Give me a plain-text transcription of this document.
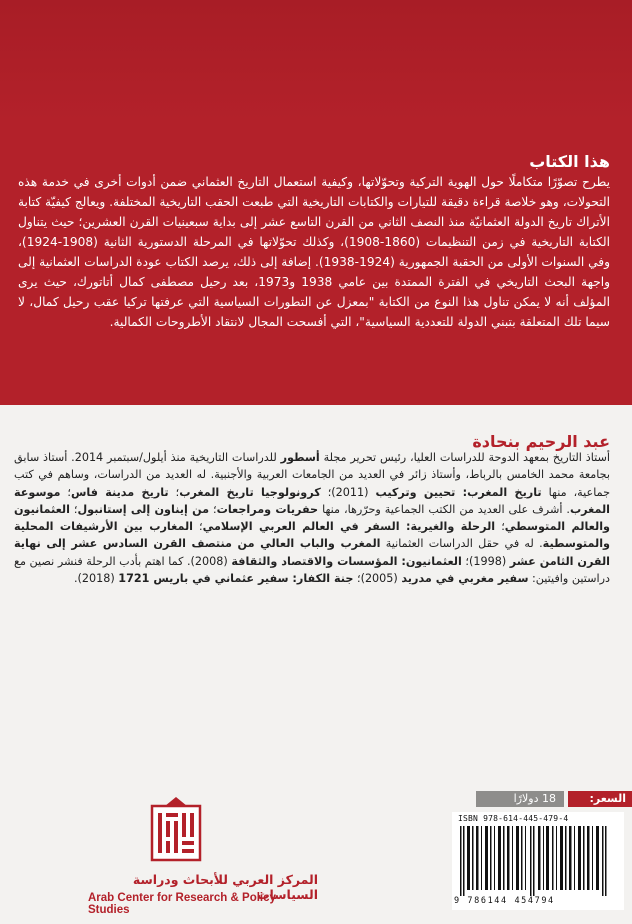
هذا الكتاب
يطرح تصوّرًا متكاملًا حول الهوية التركية وتحوّلاتها، وكيفية استعمال التاريخ العثماني ضمن أدوات أخرى في خدمة هذه التحولات، وهو خلاصة قراءة دقيقة للتيارات والكتابات التاريخية التي طبعت الحقب التاريخية المختلفة. ويعالج كيفيّة كتابة الأتراك تاريخ الدولة العثمانيّة منذ النصف الثاني من القرن التاسع عشر إلى بداية سبعينيات القرن العشرين؛ حيث يتناول الكتابة التاريخية في زمن التنظيمات (1860-1908)، وكذلك تحوّلاتها في المرحلة الدستورية الثانية (1908-1924)، وفي السنوات الأولى من الحقبة الجمهورية (1924-1938). إضافة إلى ذلك، يرصد الكتاب عودة الدراسات العثمانية إلى واجهة البحث التاريخي في الفترة الممتدة بين عامي 1938 و1973، بعد رحيل مصطفى كمال أتاتورك، حيث يرى المؤلف أنه لا يمكن تناول هذا النوع من الكتابة "بمعزل عن التطورات السياسية التي عرفتها تركيا عقب رحيل كمال، لا سيما تلك المتعلقة بتبني الدولة للتعددية السياسية"، التي أفسحت المجال لانتقاد الأطروحات الكمالية.
عبد الرحيم بنحادة
أستاذ التاريخ بمعهد الدوحة للدراسات العليا، رئيس تحرير مجلة أسطور للدراسات التاريخية منذ أيلول/سبتمبر 2014. أستاذ سابق بجامعة محمد الخامس بالرباط، وأستاذ زائر في العديد من الجامعات العربية والأجنبية. له العديد من الدراسات، وساهم في كتب جماعية، منها تاريخ المغرب: تحيين وتركيب (2011)؛ كرونولوجيا تاريخ المغرب؛ تاريخ مدينة فاس؛ موسوعة المغرب. أشرف على العديد من الكتب الجماعية وحرّرها، منها حفريات ومراجعات؛ من إيناون إلى إستانبول؛ العثمانيون والعالم المتوسطي؛ الرحلة والغيرية: السفر في العالم العربي الإسلامي؛ المغارب بين الأرشيفات المحلية والمتوسطية. له في حقل الدراسات العثمانية المغرب والباب العالي من منتصف القرن السادس عشر إلى نهاية القرن الثامن عشر (1998)؛ العثمانيون: المؤسسات والاقتصاد والثقافة (2008). كما اهتم بأدب الرحلة فنشر نصين مع دراستين وافيتين: سفير مغربي في مدريد (2005)؛ جنة الكفار: سفير عثماني في باريس 1721 (2018).
السعر:
18 دولارًا
ISBN 978-614-445-479-4
9 786144 454794
المركز العربي للأبحاث ودراسة السياسات
Arab Center for Research & Policy Studies
